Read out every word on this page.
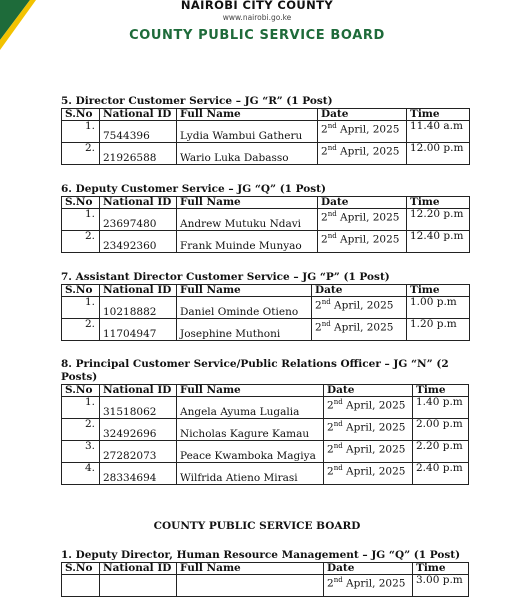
NAIROBI CITY COUNTY
www.nairobi.go.ke
COUNTY PUBLIC SERVICE BOARD
5. Director Customer Service – JG “R” (1 Post)
S.No	National ID	Full Name	Date	Time
1.	7544396	Lydia Wambui Gatheru	2nd April, 2025	11.40 a.m
2.	21926588	Wario Luka Dabasso	2nd April, 2025	12.00 p.m
6. Deputy Customer Service – JG “Q” (1 Post)
S.No	National ID	Full Name	Date	Time
1.	23697480	Andrew Mutuku Ndavi	2nd April, 2025	12.20 p.m
2.	23492360	Frank Muinde Munyao	2nd April, 2025	12.40 p.m
7. Assistant Director Customer Service – JG “P” (1 Post)
S.No	National ID	Full Name	Date	Time
1.	10218882	Daniel Ominde Otieno	2nd April, 2025	1.00 p.m
2.	11704947	Josephine Muthoni	2nd April, 2025	1.20 p.m
8. Principal Customer Service/Public Relations Officer – JG “N” (2 Posts)
S.No	National ID	Full Name	Date	Time
1.	31518062	Angela Ayuma Lugalia	2nd April, 2025	1.40 p.m
2.	32492696	Nicholas Kagure Kamau	2nd April, 2025	2.00 p.m
3.	27282073	Peace Kwamboka Magiya	2nd April, 2025	2.20 p.m
4.	28334694	Wilfrida Atieno Mirasi	2nd April, 2025	2.40 p.m
COUNTY PUBLIC SERVICE BOARD
1. Deputy Director, Human Resource Management – JG “Q” (1 Post)
S.No	National ID	Full Name	Date	Time
			2nd April, 2025	3.00 p.m
